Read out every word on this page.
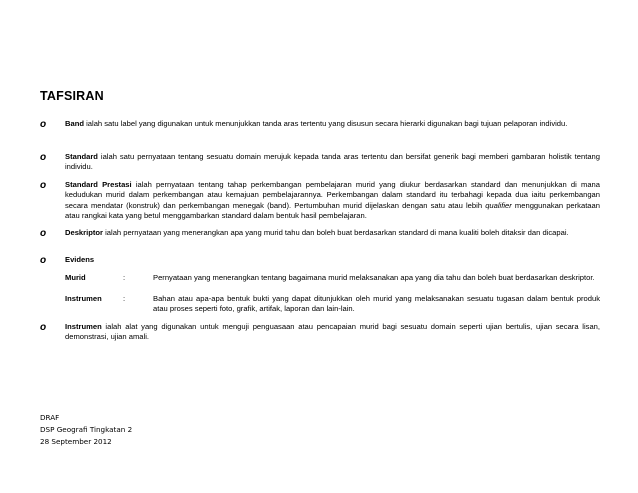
TAFSIRAN
o Band ialah satu label yang digunakan untuk menunjukkan tanda aras tertentu yang disusun secara hierarki digunakan bagi tujuan pelaporan individu.
o Standard ialah satu pernyataan tentang sesuatu domain merujuk kepada tanda aras tertentu dan bersifat generik bagi memberi gambaran holistik tentang individu.
o Standard Prestasi ialah pernyataan tentang tahap perkembangan pembelajaran murid yang diukur berdasarkan standard dan menunjukkan di mana kedudukan murid dalam perkembangan atau kemajuan pembelajarannya. Perkembangan dalam standard itu terbahagi kepada dua iaitu perkembangan secara mendatar (konstruk) dan perkembangan menegak (band). Pertumbuhan murid dijelaskan dengan satu atau lebih qualifier menggunakan perkataan atau rangkai kata yang betul menggambarkan standard dalam bentuk hasil pembelajaran.
o Deskriptor ialah pernyataan yang menerangkan apa yang murid tahu dan boleh buat berdasarkan standard di mana kualiti boleh ditaksir dan dicapai.
o Evidens
Murid	:	Pernyataan yang menerangkan tentang bagaimana murid melaksanakan apa yang dia tahu dan boleh buat berdasarkan deskriptor.
Instrumen	:	Bahan atau apa-apa bentuk bukti yang dapat ditunjukkan oleh murid yang melaksanakan sesuatu tugasan dalam bentuk produk atau proses seperti foto, grafik, artifak, laporan dan lain-lain.
o Instrumen ialah alat yang digunakan untuk menguji penguasaan atau pencapaian murid bagi sesuatu domain seperti ujian bertulis, ujian secara lisan, demonstrasi, ujian amali.
DRAF
DSP Geografi Tingkatan 2
28 September 2012
